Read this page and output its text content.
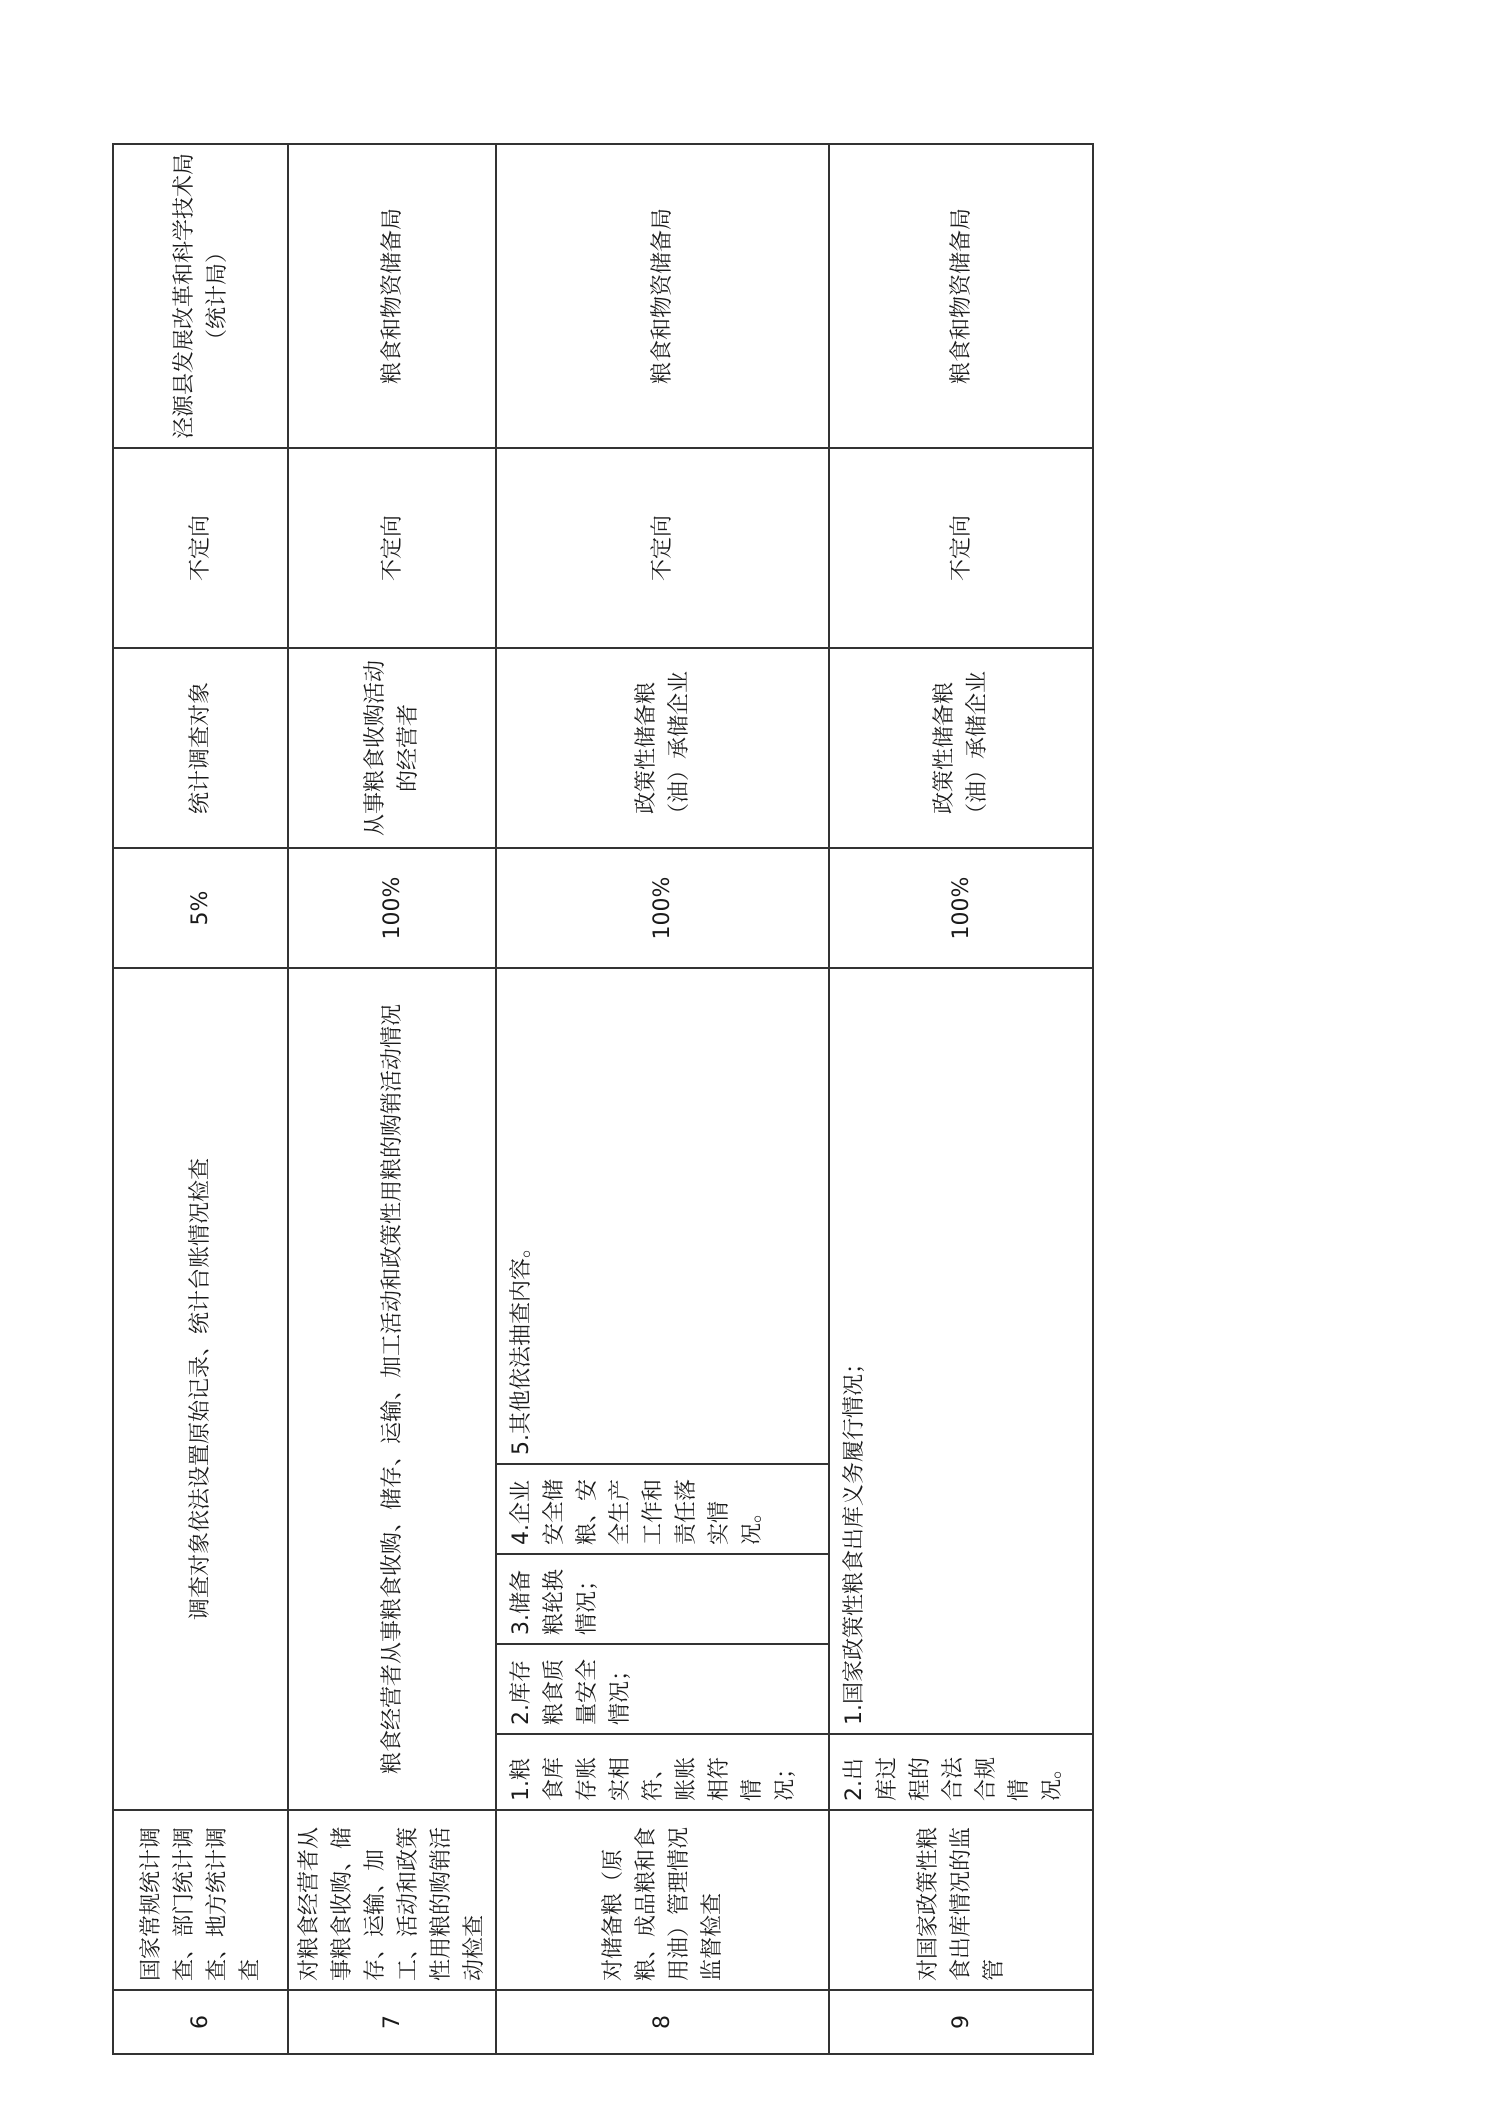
6	国家常规统计调查、部门统计调查、地方统计调查	调查对象依法设置原始记录、统计台账情况检查					5%	统计调查对象	不定向	泾源县发展改革和科学技术局（统计局）
7	对粮食经营者从事粮食收购、储存、运输、加工、活动和政策性用粮的购销活动检查	粮食经营者从事粮食收购、储存、运输、加工活动和政策性用粮的购销活动情况					100%	从事粮食收购活动的经营者	不定向	粮食和物资储备局
8	对储备粮（原粮、成品粮和食用油）管理情况监督检查	1.粮食库存账实相符、账账相符情况；	2.库存粮食质量安全情况；	3.储备粮轮换情况；	4.企业安全储粮、安全生产工作和责任落实情况。	5.其他依法抽查内容。	100%	政策性储备粮（油）承储企业	不定向	粮食和物资储备局
9	对国家政策性粮食出库情况的监管	2.出库过程的合法合规情况。	1.国家政策性粮食出库义务履行情况；				100%	政策性储备粮（油）承储企业	不定向	粮食和物资储备局
